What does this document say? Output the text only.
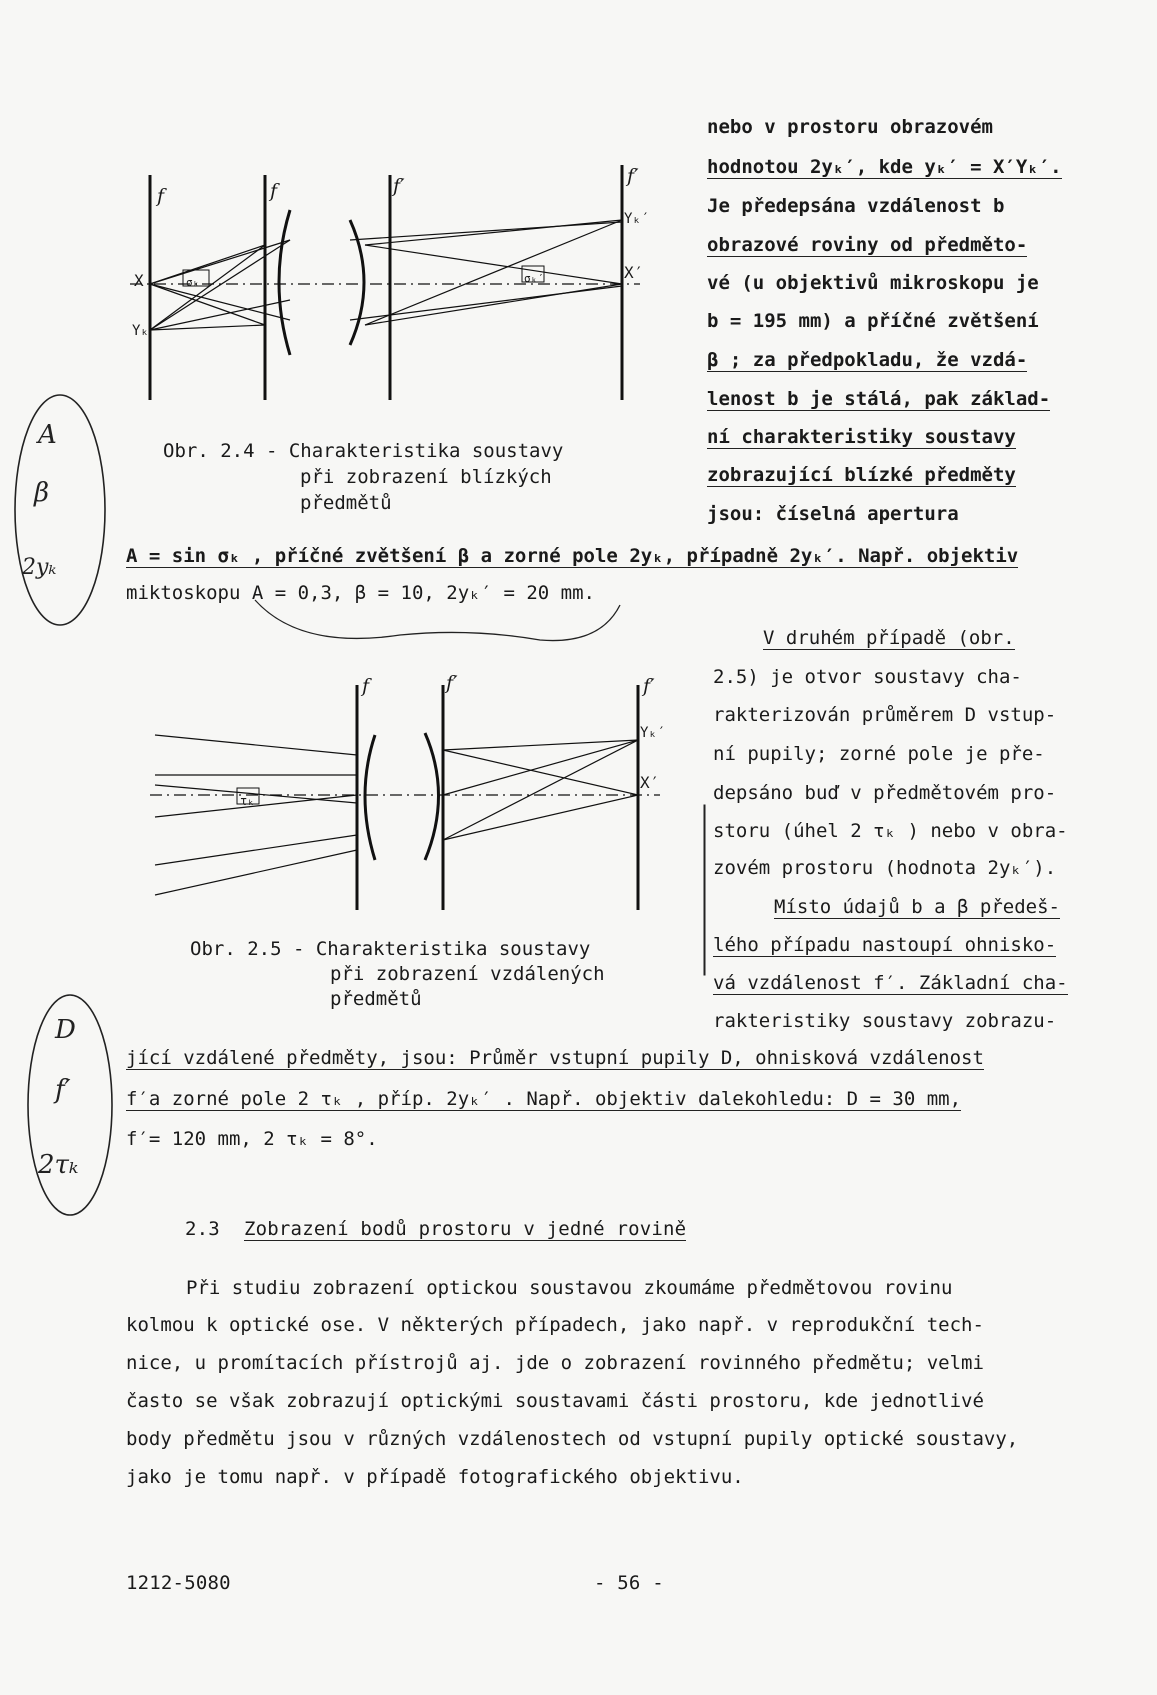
f	f	f′	f′
X
Yₖ
Yₖ′
X′
σₖ	σₖ′
Obr. 2.4 - Charakteristika soustavy
při zobrazení blízkých
předmětů
nebo v prostoru obrazovém
hodnotou 2yₖ′, kde yₖ′ = X′Yₖ′.
Je předepsána vzdálenost b
obrazové roviny od předměto-
vé (u objektivů mikroskopu je
b = 195 mm) a příčné zvětšení
β ; za předpokladu, že vzdá-
lenost b je stálá, pak základ-
ní charakteristiky soustavy
zobrazující blízké předměty
jsou: číselná apertura
A = sin σₖ , příčné zvětšení β a zorné pole 2yₖ, případně 2yₖ′. Např. objektiv
miktoskopu A = 0,3, β = 10, 2yₖ′ = 20 mm.
f	f′	f′
Yₖ′
X′
τₖ
Obr. 2.5 - Charakteristika soustavy
při zobrazení vzdálených
předmětů
V druhém případě (obr.
2.5) je otvor soustavy cha-
rakterizován průměrem D vstup-
ní pupily; zorné pole je pře-
depsáno buď v předmětovém pro-
storu (úhel 2 τₖ ) nebo v obra-
zovém prostoru (hodnota 2yₖ′).
Místo údajů b a β předeš-
lého případu nastoupí ohnisko-
vá vzdálenost f′. Základní cha-
rakteristiky soustavy zobrazu-
jící vzdálené předměty, jsou: Průměr vstupní pupily D, ohnisková vzdálenost
f′a zorné pole 2 τₖ , příp. 2yₖ′ . Např. objektiv dalekohledu: D = 30 mm,
f′= 120 mm, 2 τₖ = 8°.
2.3 Zobrazení bodů prostoru v jedné rovině
Při studiu zobrazení optickou soustavou zkoumáme předmětovou rovinu
kolmou k optické ose. V některých případech, jako např. v reprodukční tech-
nice, u promítacích přístrojů aj. jde o zobrazení rovinného předmětu; velmi
často se však zobrazují optickými soustavami části prostoru, kde jednotlivé
body předmětu jsou v různých vzdálenostech od vstupní pupily optické soustavy,
jako je tomu např. v případě fotografického objektivu.
A
β
2yₖ
D
f′
2τₖ
1212-5080	- 56 -
